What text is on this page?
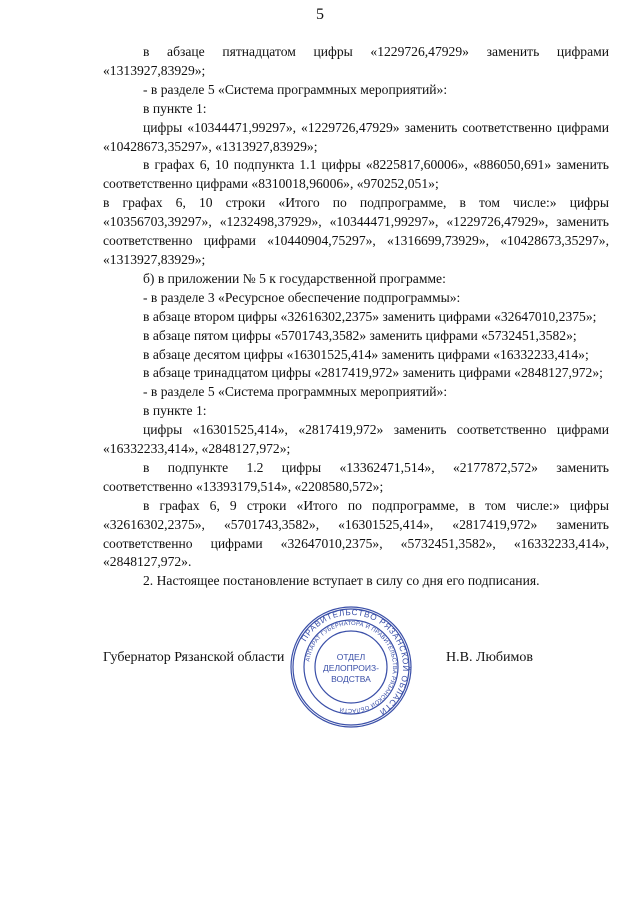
5

в абзаце пятнадцатом цифры «1229726,47929» заменить цифрами «1313927,83929»;

- в разделе 5 «Система программных мероприятий»:

в пункте 1:

цифры «10344471,99297», «1229726,47929» заменить соответственно цифрами «10428673,35297», «1313927,83929»;

в графах 6, 10 подпункта 1.1 цифры «8225817,60006», «886050,691» заменить соответственно цифрами «8310018,96006», «970252,051»;

в графах 6, 10 строки «Итого по подпрограмме, в том числе:» цифры «10356703,39297», «1232498,37929», «10344471,99297», «1229726,47929», заменить соответственно цифрами «10440904,75297», «1316699,73929», «10428673,35297», «1313927,83929»;

б) в приложении № 5 к государственной программе:

- в разделе 3 «Ресурсное обеспечение подпрограммы»:

в абзаце втором цифры «32616302,2375» заменить цифрами «32647010,2375»;

в абзаце пятом цифры «5701743,3582» заменить цифрами «5732451,3582»;

в абзаце десятом цифры «16301525,414» заменить цифрами «16332233,414»;

в абзаце тринадцатом цифры «2817419,972» заменить цифрами «2848127,972»;

- в разделе 5 «Система программных мероприятий»:

в пункте 1:

цифры «16301525,414», «2817419,972» заменить соответственно цифрами «16332233,414», «2848127,972»;

в подпункте 1.2 цифры «13362471,514», «2177872,572» заменить соответственно «13393179,514», «2208580,572»;

в графах 6, 9 строки «Итого по подпрограмме, в том числе:» цифры «32616302,2375», «5701743,3582», «16301525,414», «2817419,972» заменить соответственно цифрами «32647010,2375», «5732451,3582», «16332233,414», «2848127,972».

2. Настоящее постановление вступает в силу со дня его подписания.

Губернатор Рязанской области	Н.В. Любимов
ПРАВИТЕЛЬСТВО РЯЗАНСКОЙ ОБЛАСТИ
АППАРАТ ГУБЕРНАТОРА И ПРАВИТЕЛЬСТВА РЯЗАНСКОЙ ОБЛАСТИ
ОТДЕЛ
ДЕЛОПРОИЗ-
ВОДСТВА
